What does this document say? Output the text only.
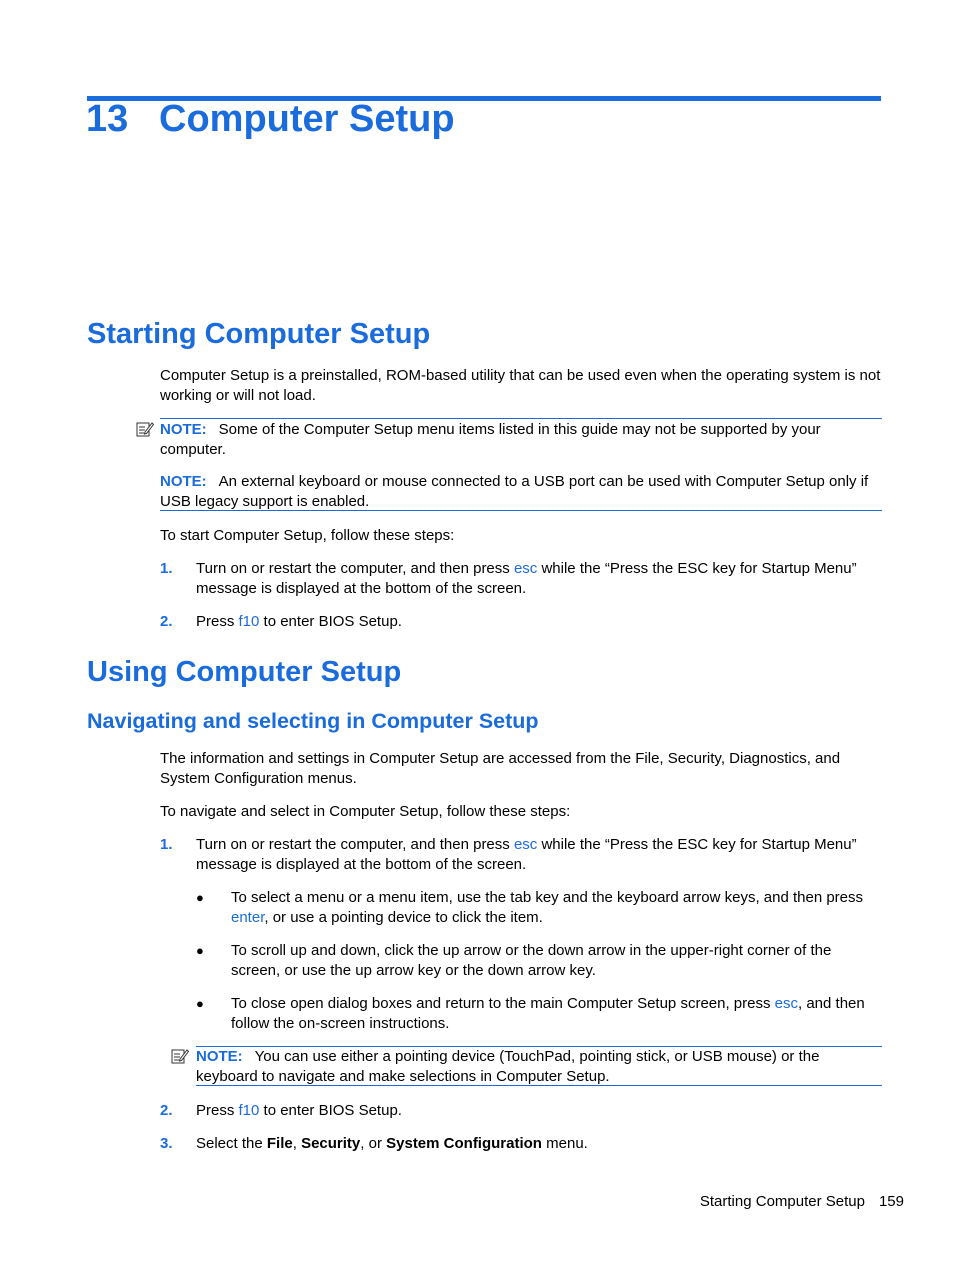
13 Computer Setup
Starting Computer Setup
Computer Setup is a preinstalled, ROM-based utility that can be used even when the operating system is not working or will not load.
NOTE: Some of the Computer Setup menu items listed in this guide may not be supported by your computer.
NOTE: An external keyboard or mouse connected to a USB port can be used with Computer Setup only if USB legacy support is enabled.
To start Computer Setup, follow these steps:
1. Turn on or restart the computer, and then press esc while the “Press the ESC key for Startup Menu” message is displayed at the bottom of the screen.
2. Press f10 to enter BIOS Setup.
Using Computer Setup
Navigating and selecting in Computer Setup
The information and settings in Computer Setup are accessed from the File, Security, Diagnostics, and System Configuration menus.
To navigate and select in Computer Setup, follow these steps:
1. Turn on or restart the computer, and then press esc while the “Press the ESC key for Startup Menu” message is displayed at the bottom of the screen.
● To select a menu or a menu item, use the tab key and the keyboard arrow keys, and then press enter, or use a pointing device to click the item.
● To scroll up and down, click the up arrow or the down arrow in the upper-right corner of the screen, or use the up arrow key or the down arrow key.
● To close open dialog boxes and return to the main Computer Setup screen, press esc, and then follow the on-screen instructions.
NOTE: You can use either a pointing device (TouchPad, pointing stick, or USB mouse) or the keyboard to navigate and make selections in Computer Setup.
2. Press f10 to enter BIOS Setup.
3. Select the File, Security, or System Configuration menu.
Starting Computer Setup 159
